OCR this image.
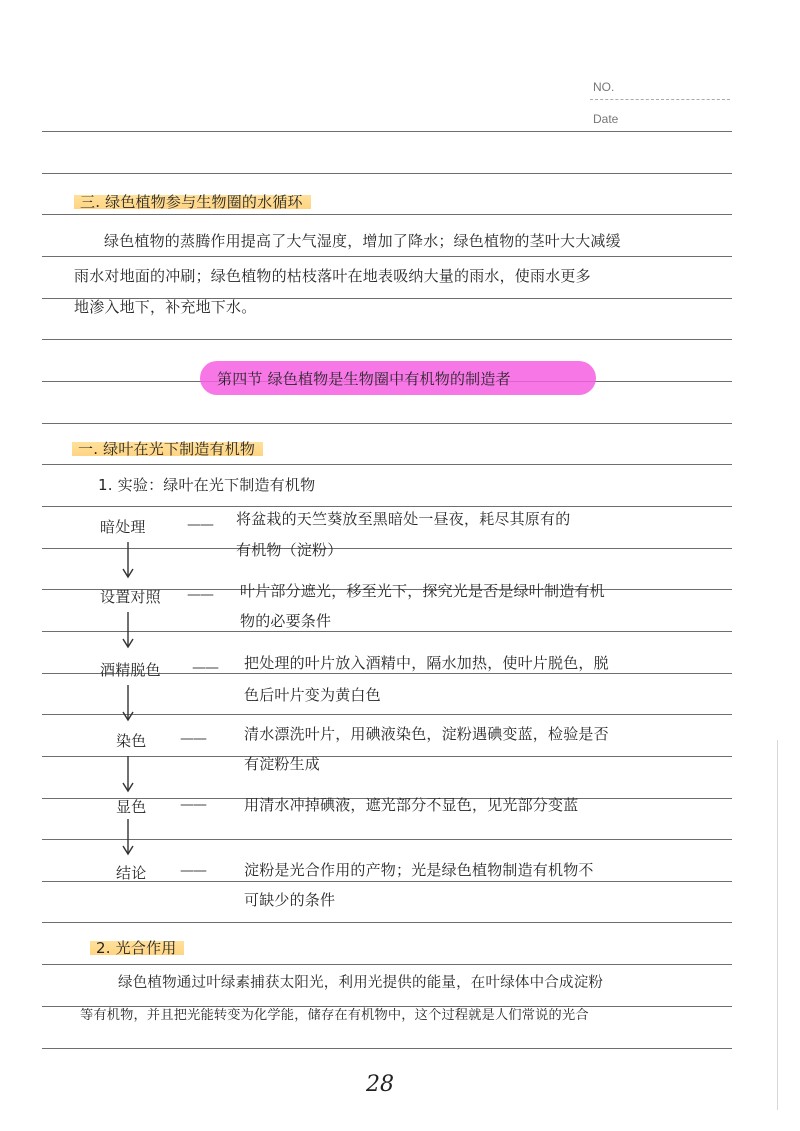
NO.
Date
三. 绿色植物参与生物圈的水循环
绿色植物的蒸腾作用提高了大气湿度，增加了降水；绿色植物的茎叶大大减缓
雨水对地面的冲刷；绿色植物的枯枝落叶在地表吸纳大量的雨水，使雨水更多
地渗入地下，补充地下水。
第四节 绿色植物是生物圈中有机物的制造者
一. 绿叶在光下制造有机物
1. 实验：绿叶在光下制造有机物
暗处理	—— 将盆栽的天竺葵放至黑暗处一昼夜，耗尽其原有的
有机物（淀粉）
设置对照 —— 叶片部分遮光，移至光下，探究光是否是绿叶制造有机
物的必要条件
酒精脱色 —— 把处理的叶片放入酒精中，隔水加热，使叶片脱色，脱
色后叶片变为黄白色
染色 ——	清水漂洗叶片，用碘液染色，淀粉遇碘变蓝，检验是否
有淀粉生成
显色 ——	用清水冲掉碘液，遮光部分不显色，见光部分变蓝
结论 ——	淀粉是光合作用的产物；光是绿色植物制造有机物不
可缺少的条件
2. 光合作用
绿色植物通过叶绿素捕获太阳光，利用光提供的能量，在叶绿体中合成淀粉
等有机物，并且把光能转变为化学能，储存在有机物中，这个过程就是人们常说的光合
28
